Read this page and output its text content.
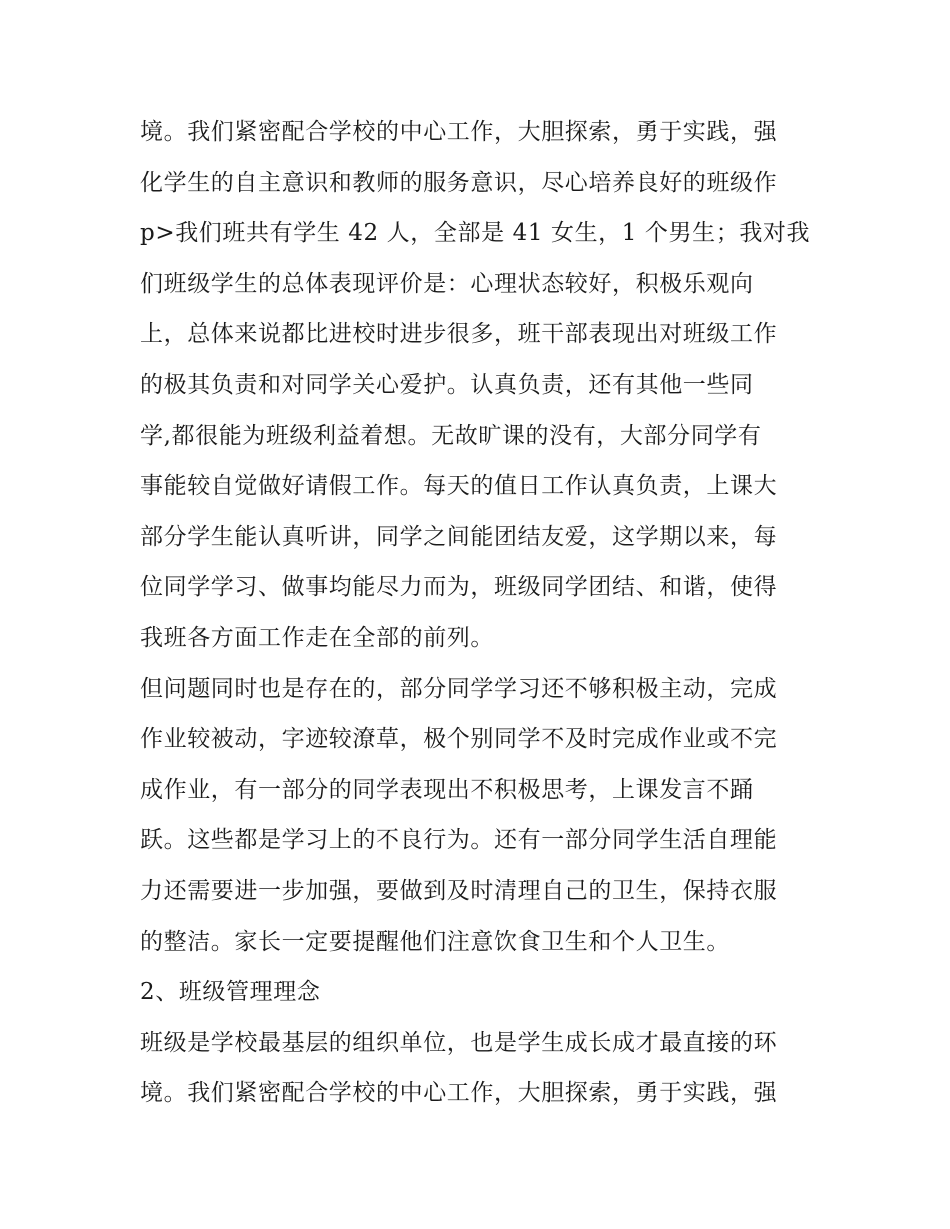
境。我们紧密配合学校的中心工作，大胆探索，勇于实践，强
化学生的自主意识和教师的服务意识，尽心培养良好的班级作
p>我们班共有学生 42 人，全部是 41 女生，1 个男生；我对我
们班级学生的总体表现评价是：心理状态较好，积极乐观向
上，总体来说都比进校时进步很多，班干部表现出对班级工作
的极其负责和对同学关心爱护。认真负责，还有其他一些同
学,都很能为班级利益着想。无故旷课的没有，大部分同学有
事能较自觉做好请假工作。每天的值日工作认真负责，上课大
部分学生能认真听讲，同学之间能团结友爱，这学期以来，每
位同学学习、做事均能尽力而为，班级同学团结、和谐，使得
我班各方面工作走在全部的前列。
但问题同时也是存在的，部分同学学习还不够积极主动，完成
作业较被动，字迹较潦草，极个别同学不及时完成作业或不完
成作业，有一部分的同学表现出不积极思考，上课发言不踊
跃。这些都是学习上的不良行为。还有一部分同学生活自理能
力还需要进一步加强，要做到及时清理自己的卫生，保持衣服
的整洁。家长一定要提醒他们注意饮食卫生和个人卫生。
2、班级管理理念
班级是学校最基层的组织单位，也是学生成长成才最直接的环
境。我们紧密配合学校的中心工作，大胆探索，勇于实践，强
